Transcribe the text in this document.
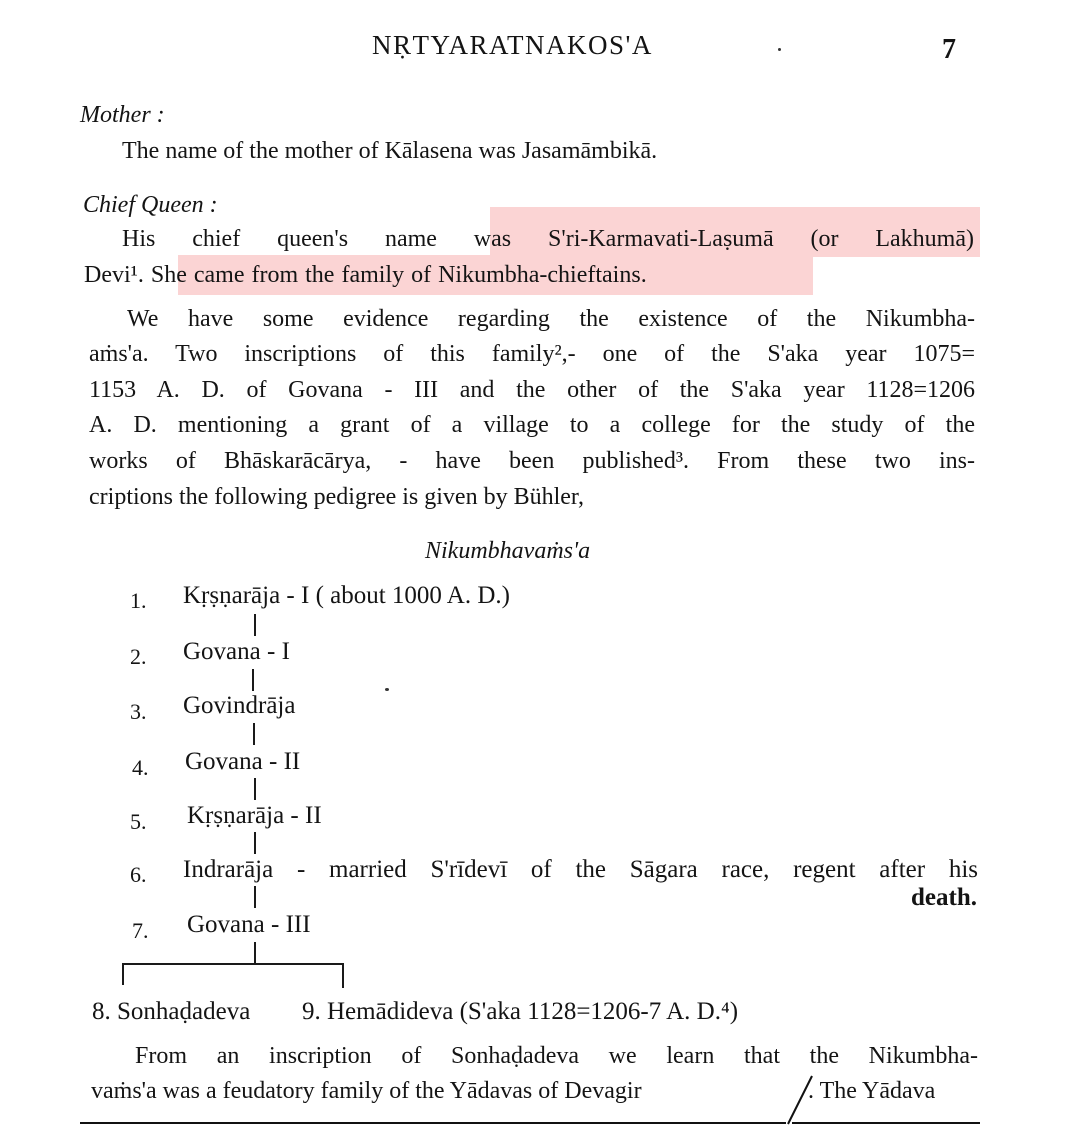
NṚTYARATNAKOS'A	7
Mother :
The name of the mother of Kālasena was Jasamāmbikā.
Chief Queen :
His chief queen's name was S'ri-Karmavati-Laṣumā (or Lakhumā)
Devi¹. She came from the family of Nikumbha-chieftains.
We have some evidence regarding the existence of the Nikumbha-
aṁs'a. Two inscriptions of this family²,- one of the S'aka year 1075=
1153 A. D. of Govana - III and the other of the S'aka year 1128=1206
A. D. mentioning a grant of a village to a college for the study of the
works of Bhāskarācārya, - have been published³. From these two ins-
criptions the following pedigree is given by Bühler,
Nikumbhavaṁs'a
1. Kṛṣṇarāja - I ( about 1000 A. D.)
2. Govana - I
3. Govindrāja
4. Govana - II
5. Kṛṣṇarāja - II
6. Indrarāja - married S'rīdevī of the Sāgara race, regent after his
death.
7. Govana - III
8. Sonhaḍadeva 9. Hemādideva (S'aka 1128=1206-7 A. D.⁴)
From an inscription of Sonhaḍadeva we learn that the Nikumbha-
vaṁs'a was a feudatory family of the Yādavas of Devagir	. The Yādava
